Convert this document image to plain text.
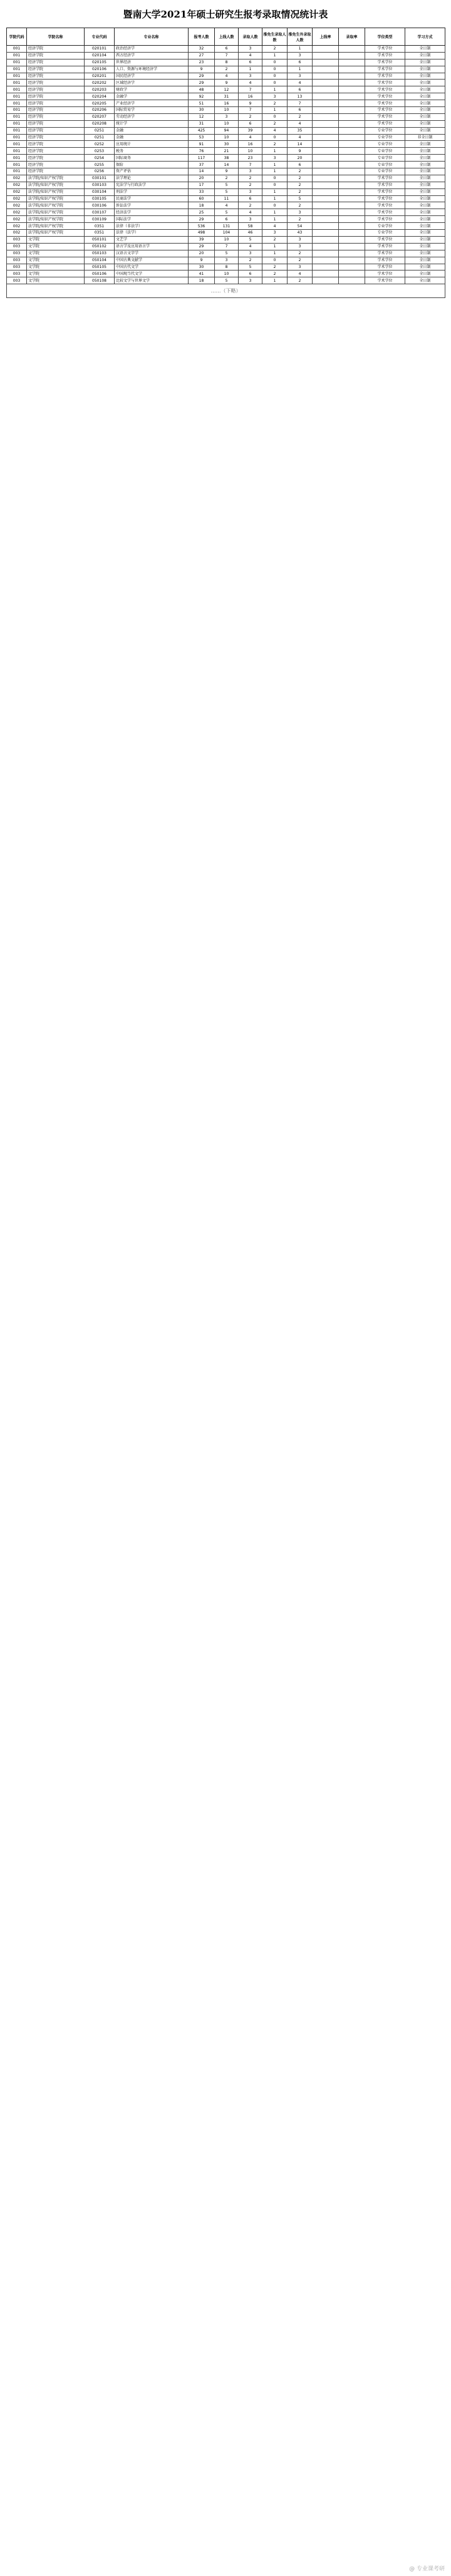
暨南大学2021年硕士研究生报考录取情况统计表
学院代码	学院名称	专业代码	专业名称	报考人数	上线人数	录取人数	推免生录取人数	推免生外录取人数	上线率	录取率	学位类型	学习方式
001	经济学院	020101	政治经济学	32	6	3	2	1			学术学位	全日制
001	经济学院	020104	西方经济学	27	7	4	1	3			学术学位	全日制
001	经济学院	020105	世界经济	23	8	6	0	6			学术学位	全日制
001	经济学院	020106	人口、资源与环境经济学	9	2	1	0	1			学术学位	全日制
001	经济学院	020201	国民经济学	29	4	3	0	3			学术学位	全日制
001	经济学院	020202	区域经济学	29	9	4	0	4			学术学位	全日制
001	经济学院	020203	财政学	48	12	7	1	6			学术学位	全日制
001	经济学院	020204	金融学	92	31	16	3	13			学术学位	全日制
001	经济学院	020205	产业经济学	51	16	9	2	7			学术学位	全日制
001	经济学院	020206	国际贸易学	30	10	7	1	6			学术学位	全日制
001	经济学院	020207	劳动经济学	12	3	2	0	2			学术学位	全日制
001	经济学院	020208	统计学	31	10	6	2	4			学术学位	全日制
001	经济学院	0251	金融	425	94	39	4	35			专业学位	全日制
001	经济学院	0251	金融	53	10	4	0	4			专业学位	非全日制
001	经济学院	0252	应用统计	91	30	16	2	14			专业学位	全日制
001	经济学院	0253	税务	76	21	10	1	9			专业学位	全日制
001	经济学院	0254	国际商务	117	38	23	3	20			专业学位	全日制
001	经济学院	0255	保险	37	14	7	1	6			专业学位	全日制
001	经济学院	0256	资产评估	14	9	3	1	2			专业学位	全日制
002	法学院/知识产权学院	030101	法学理论	20	2	2	0	2			学术学位	全日制
002	法学院/知识产权学院	030103	宪法学与行政法学	17	5	2	0	2			学术学位	全日制
002	法学院/知识产权学院	030104	刑法学	33	5	3	1	2			学术学位	全日制
002	法学院/知识产权学院	030105	民商法学	60	11	6	1	5			学术学位	全日制
002	法学院/知识产权学院	030106	诉讼法学	18	4	2	0	2			学术学位	全日制
002	法学院/知识产权学院	030107	经济法学	25	5	4	1	3			学术学位	全日制
002	法学院/知识产权学院	030109	国际法学	29	6	3	1	2			学术学位	全日制
002	法学院/知识产权学院	0351	法律（非法学）	536	131	58	4	54			专业学位	全日制
002	法学院/知识产权学院	0351	法律（法学）	498	104	46	3	43			专业学位	全日制
003	文学院	050101	文艺学	39	10	5	2	3			学术学位	全日制
003	文学院	050102	语言学及应用语言学	29	7	4	1	3			学术学位	全日制
003	文学院	050103	汉语言文字学	20	5	3	1	2			学术学位	全日制
003	文学院	050104	中国古典文献学	9	3	2	0	2			学术学位	全日制
003	文学院	050105	中国古代文学	30	8	5	2	3			学术学位	全日制
003	文学院	050106	中国现当代文学	41	10	6	2	4			学术学位	全日制
003	文学院	050108	比较文学与世界文学	18	5	3	1	2			学术学位	全日制
……（下略）												
@ 专业课考研
